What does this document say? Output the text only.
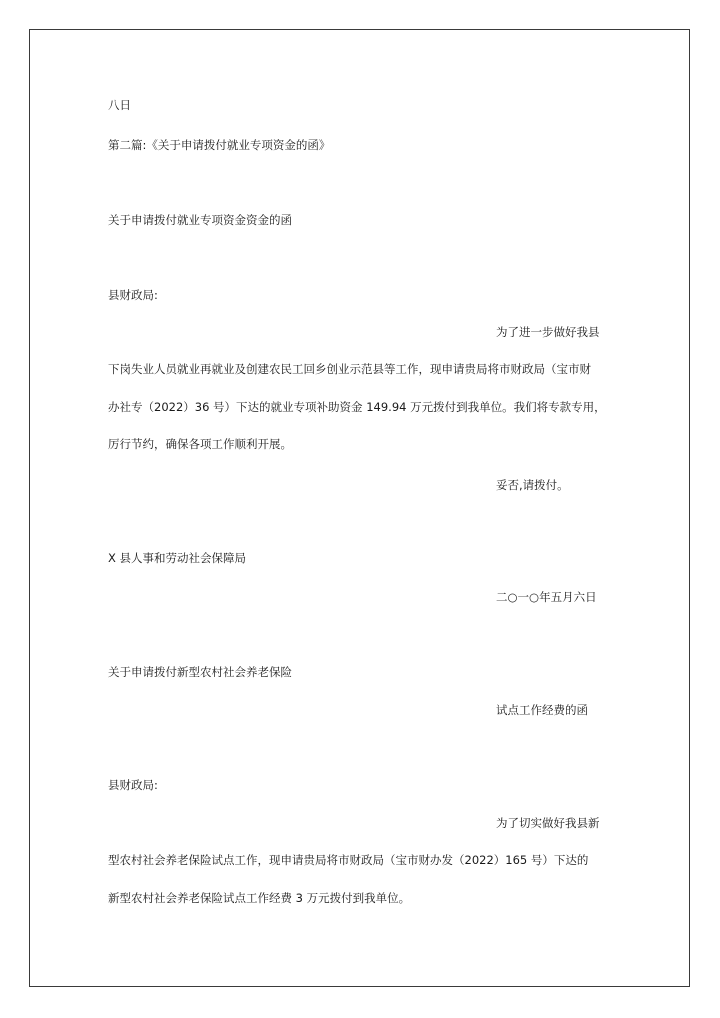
八日
第二篇:《关于申请拨付就业专项资金的函》
关于申请拨付就业专项资金资金的函
县财政局:
为了进一步做好我县
下岗失业人员就业再就业及创建农民工回乡创业示范县等工作，现申请贵局将市财政局（宝市财
办社专（2022）36 号）下达的就业专项补助资金 149.94 万元拨付到我单位。我们将专款专用，
厉行节约，确保各项工作顺利开展。
妥否,请拨付。
X 县人事和劳动社会保障局
二○一○年五月六日
关于申请拨付新型农村社会养老保险
试点工作经费的函
县财政局:
为了切实做好我县新
型农村社会养老保险试点工作，现申请贵局将市财政局（宝市财办发（2022）165 号）下达的
新型农村社会养老保险试点工作经费 3 万元拨付到我单位。
